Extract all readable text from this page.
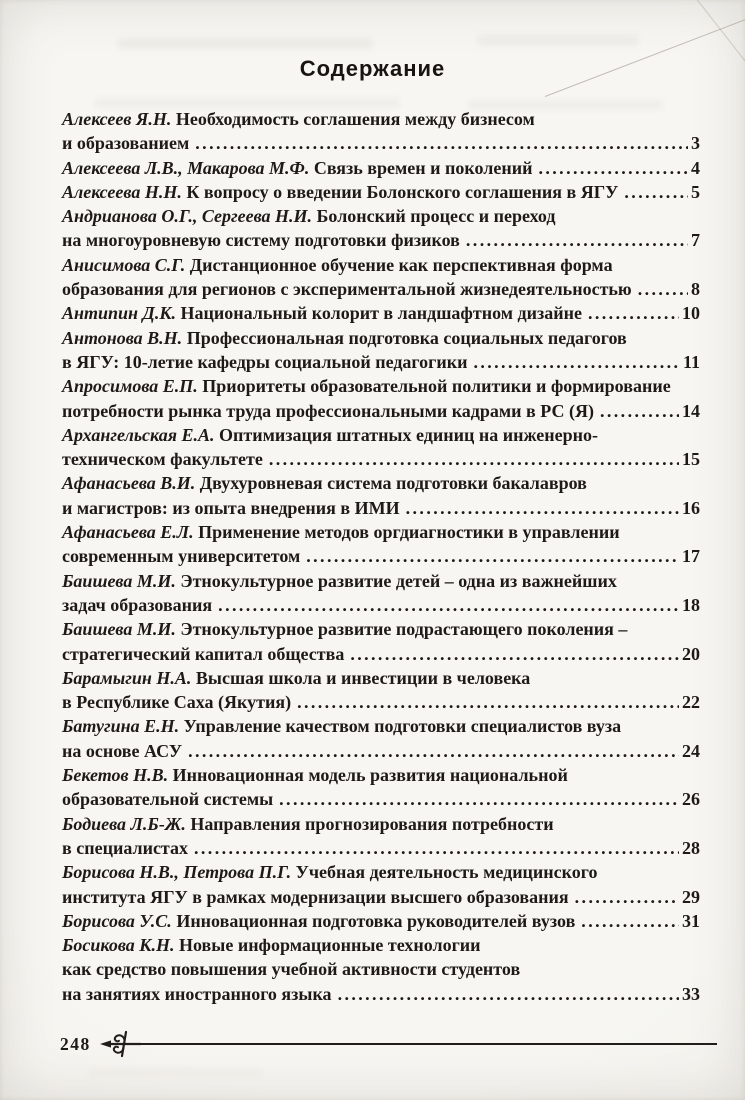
Содержание
Алексеев Я.Н. Необходимость соглашения между бизнесом
и образованием .....	3
Алексеева Л.В., Макарова М.Ф. Связь времен и поколений .....	4
Алексеева Н.Н. К вопросу о введении Болонского соглашения в ЯГУ .....	5
Андрианова О.Г., Сергеева Н.И. Болонский процесс и переход
на многоуровневую систему подготовки физиков .....	7
Анисимова С.Г. Дистанционное обучение как перспективная форма
образования для регионов с экспериментальной жизнедеятельностью .....	8
Антипин Д.К. Национальный колорит в ландшафтном дизайне .....	10
Антонова В.Н. Профессиональная подготовка социальных педагогов
в ЯГУ: 10-летие кафедры социальной педагогики .....	11
Апросимова Е.П. Приоритеты образовательной политики и формирование
потребности рынка труда профессиональными кадрами в РС (Я) .....	14
Архангельская Е.А. Оптимизация штатных единиц на инженерно-
техническом факультете .....	15
Афанасьева В.И. Двухуровневая система подготовки бакалавров
и магистров: из опыта внедрения в ИМИ .....	16
Афанасьева Е.Л. Применение методов оргдиагностики в управлении
современным университетом .....	17
Баишева М.И. Этнокультурное развитие детей – одна из важнейших
задач образования .....	18
Баишева М.И. Этнокультурное развитие подрастающего поколения –
стратегический капитал общества .....	20
Барамыгин Н.А. Высшая школа и инвестиции в человека
в Республике Саха (Якутия) .....	22
Батугина Е.Н. Управление качеством подготовки специалистов вуза
на основе АСУ .....	24
Бекетов Н.В. Инновационная модель развития национальной
образовательной системы .....	26
Бодиева Л.Б-Ж. Направления прогнозирования потребности
в специалистах .....	28
Борисова Н.В., Петрова П.Г. Учебная деятельность медицинского
института ЯГУ в рамках модернизации высшего образования .....	29
Борисова У.С. Инновационная подготовка руководителей вузов .....	31
Босикова К.Н. Новые информационные технологии
как средство повышения учебной активности студентов
на занятиях иностранного языка .....	33
248
